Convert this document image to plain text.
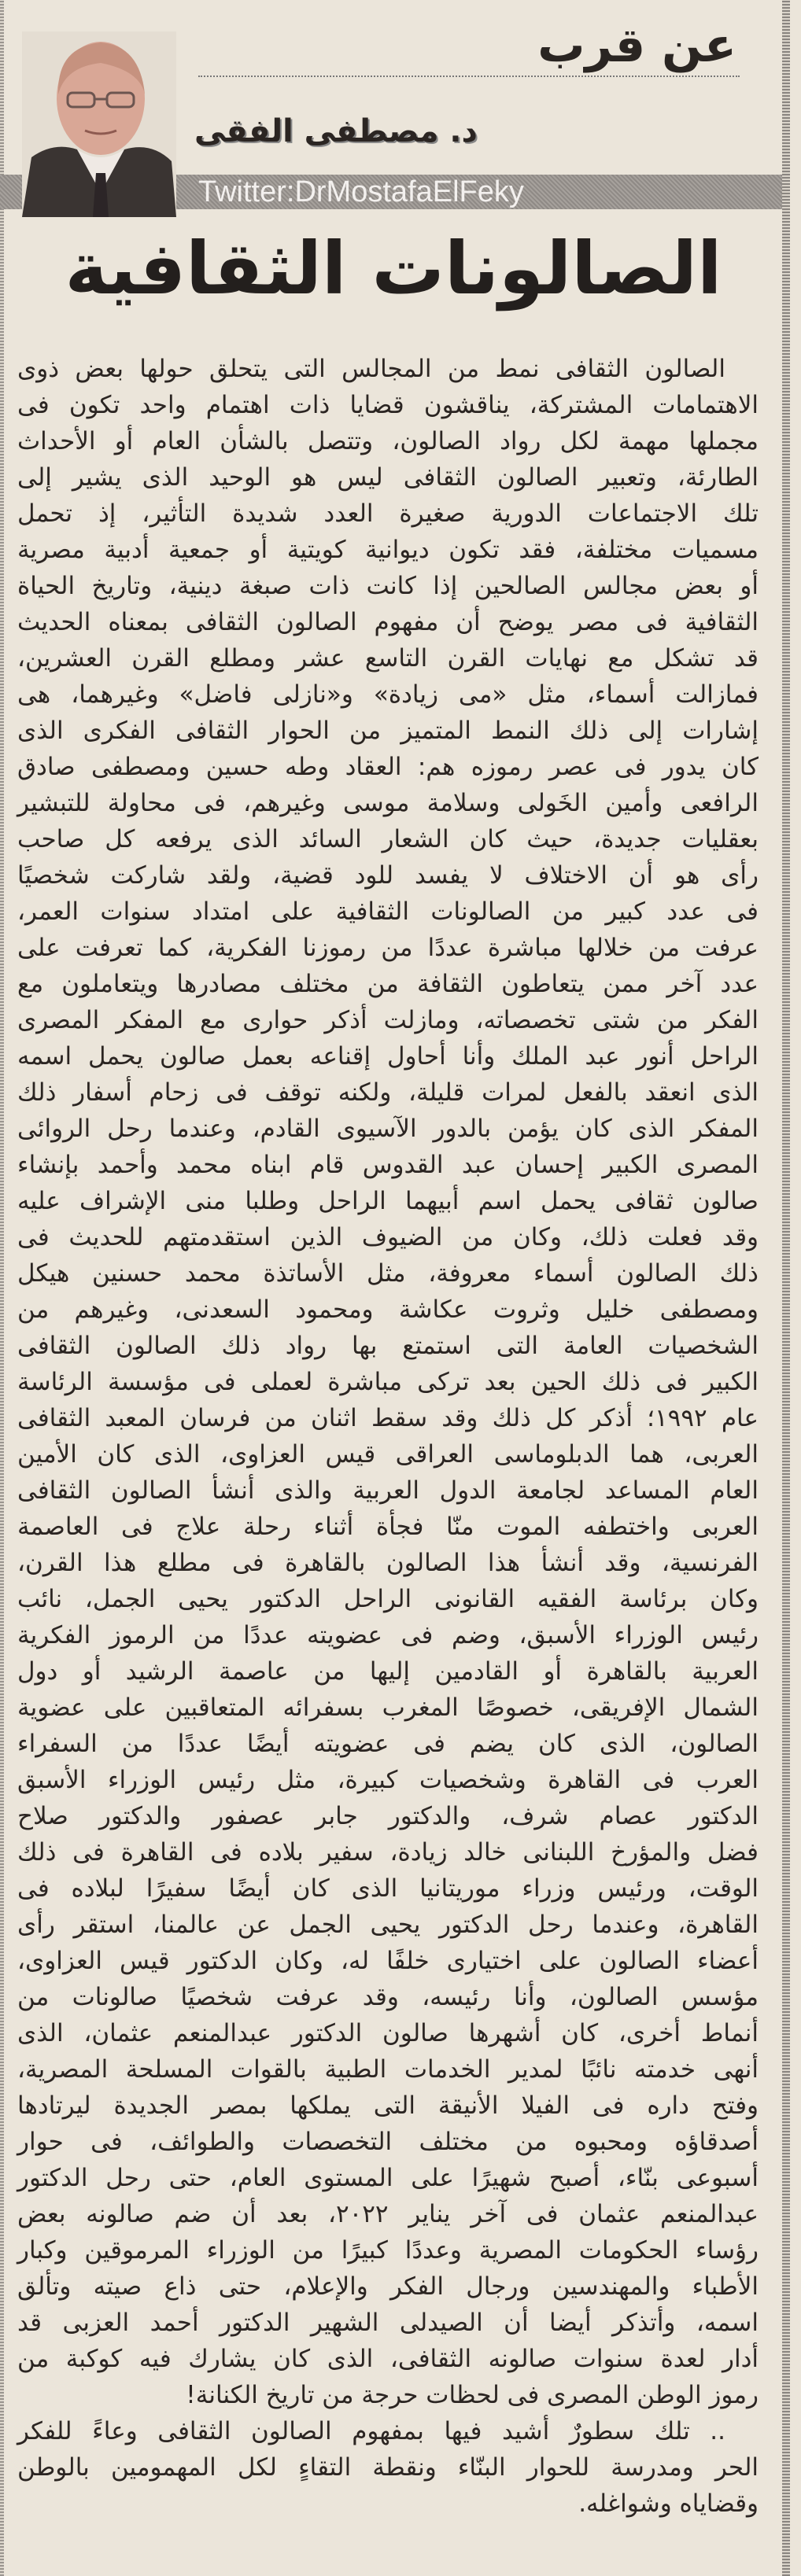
عن قرب
Twitter:DrMostafaElFeky
د. مصطفى الفقى
الصالونات الثقافية
الصالون الثقافى نمط من المجالس التى يتحلق حولها بعض ذوى
الاهتمامات المشتركة، يناقشون قضايا ذات اهتمام واحد تكون فى
مجملها مهمة لكل رواد الصالون، وتتصل بالشأن العام أو الأحداث
الطارئة، وتعبير الصالون الثقافى ليس هو الوحيد الذى يشير إلى
تلك الاجتماعات الدورية صغيرة العدد شديدة التأثير، إذ تحمل
مسميات مختلفة، فقد تكون ديوانية كويتية أو جمعية أدبية مصرية
أو بعض مجالس الصالحين إذا كانت ذات صبغة دينية، وتاريخ الحياة
الثقافية فى مصر يوضح أن مفهوم الصالون الثقافى بمعناه الحديث
قد تشكل مع نهايات القرن التاسع عشر ومطلع القرن العشرين،
فمازالت أسماء، مثل «مى زيادة» و«نازلى فاضل» وغيرهما، هى
إشارات إلى ذلك النمط المتميز من الحوار الثقافى الفكرى الذى
كان يدور فى عصر رموزه هم: العقاد وطه حسين ومصطفى صادق
الرافعى وأمين الخَولى وسلامة موسى وغيرهم، فى محاولة للتبشير
بعقليات جديدة، حيث كان الشعار السائد الذى يرفعه كل صاحب
رأى هو أن الاختلاف لا يفسد للود قضية، ولقد شاركت شخصيًا
فى عدد كبير من الصالونات الثقافية على امتداد سنوات العمر،
عرفت من خلالها مباشرة عددًا من رموزنا الفكرية، كما تعرفت على
عدد آخر ممن يتعاطون الثقافة من مختلف مصادرها ويتعاملون مع
الفكر من شتى تخصصاته، ومازلت أذكر حوارى مع المفكر المصرى
الراحل أنور عبد الملك وأنا أحاول إقناعه بعمل صالون يحمل اسمه
الذى انعقد بالفعل لمرات قليلة، ولكنه توقف فى زحام أسفار ذلك
المفكر الذى كان يؤمن بالدور الآسيوى القادم، وعندما رحل الروائى
المصرى الكبير إحسان عبد القدوس قام ابناه محمد وأحمد بإنشاء
صالون ثقافى يحمل اسم أبيهما الراحل وطلبا منى الإشراف عليه
وقد فعلت ذلك، وكان من الضيوف الذين استقدمتهم للحديث فى
ذلك الصالون أسماء معروفة، مثل الأساتذة محمد حسنين هيكل
ومصطفى خليل وثروت عكاشة ومحمود السعدنى، وغيرهم من
الشخصيات العامة التى استمتع بها رواد ذلك الصالون الثقافى
الكبير فى ذلك الحين بعد تركى مباشرة لعملى فى مؤسسة الرئاسة
عام ١٩٩٢؛ أذكر كل ذلك وقد سقط اثنان من فرسان المعبد الثقافى
العربى، هما الدبلوماسى العراقى قيس العزاوى، الذى كان الأمين
العام المساعد لجامعة الدول العربية والذى أنشأ الصالون الثقافى
العربى واختطفه الموت منّا فجأة أثناء رحلة علاج فى العاصمة
الفرنسية، وقد أنشأ هذا الصالون بالقاهرة فى مطلع هذا القرن،
وكان برئاسة الفقيه القانونى الراحل الدكتور يحيى الجمل، نائب
رئيس الوزراء الأسبق، وضم فى عضويته عددًا من الرموز الفكرية
العربية بالقاهرة أو القادمين إليها من عاصمة الرشيد أو دول
الشمال الإفريقى، خصوصًا المغرب بسفرائه المتعاقبين على عضوية
الصالون، الذى كان يضم فى عضويته أيضًا عددًا من السفراء
العرب فى القاهرة وشخصيات كبيرة، مثل رئيس الوزراء الأسبق
الدكتور عصام شرف، والدكتور جابر عصفور والدكتور صلاح
فضل والمؤرخ اللبنانى خالد زيادة، سفير بلاده فى القاهرة فى ذلك
الوقت، ورئيس وزراء موريتانيا الذى كان أيضًا سفيرًا لبلاده فى
القاهرة، وعندما رحل الدكتور يحيى الجمل عن عالمنا، استقر رأى
أعضاء الصالون على اختيارى خلفًا له، وكان الدكتور قيس العزاوى،
مؤسس الصالون، وأنا رئيسه، وقد عرفت شخصيًا صالونات من
أنماط أخرى، كان أشهرها صالون الدكتور عبدالمنعم عثمان، الذى
أنهى خدمته نائبًا لمدير الخدمات الطبية بالقوات المسلحة المصرية،
وفتح داره فى الفيلا الأنيقة التى يملكها بمصر الجديدة ليرتادها
أصدقاؤه ومحبوه من مختلف التخصصات والطوائف، فى حوار
أسبوعى بنّاء، أصبح شهيرًا على المستوى العام، حتى رحل الدكتور
عبدالمنعم عثمان فى آخر يناير ٢٠٢٢، بعد أن ضم صالونه بعض
رؤساء الحكومات المصرية وعددًا كبيرًا من الوزراء المرموقين وكبار
الأطباء والمهندسين ورجال الفكر والإعلام، حتى ذاع صيته وتألق
اسمه، وأتذكر أيضا أن الصيدلى الشهير الدكتور أحمد العزبى قد
أدار لعدة سنوات صالونه الثقافى، الذى كان يشارك فيه كوكبة من
رموز الوطن المصرى فى لحظات حرجة من تاريخ الكنانة!
.. تلك سطورٌ أشيد فيها بمفهوم الصالون الثقافى وعاءً للفكر
الحر ومدرسة للحوار البنّاء ونقطة التقاءٍ لكل المهمومين بالوطن
وقضاياه وشواغله.
